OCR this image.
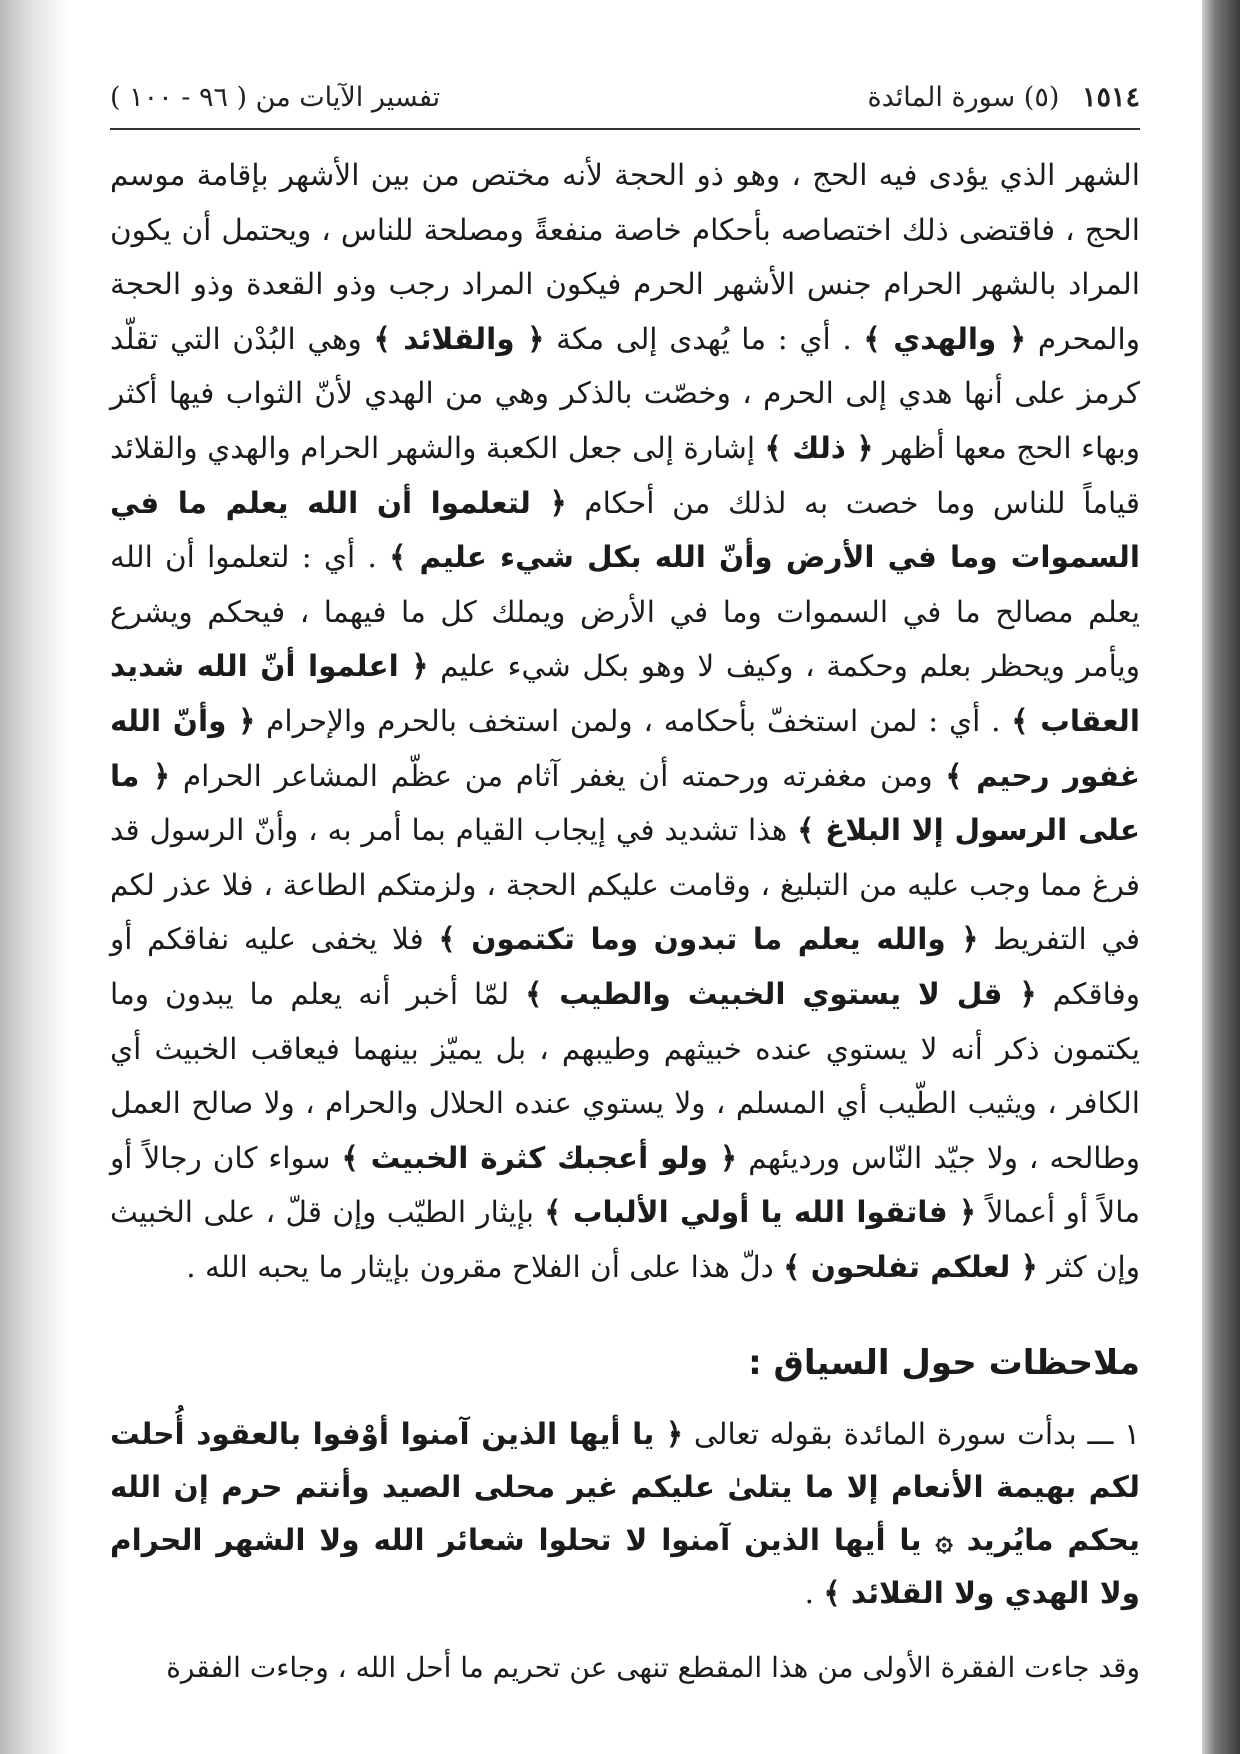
١٥١٤ (٥) سورة المائدة
تفسير الآيات من ( ٩٦ - ١٠٠ )

الشهر الذي يؤدى فيه الحج ، وهو ذو الحجة لأنه مختص من بين الأشهر بإقامة موسم الحج ، فاقتضى ذلك اختصاصه بأحكام خاصة منفعةً ومصلحة للناس ، ويحتمل أن يكون المراد بالشهر الحرام جنس الأشهر الحرم فيكون المراد رجب وذو القعدة وذو الحجة والمحرم ﴿ والهدي ﴾ . أي : ما يُهدى إلى مكة ﴿ والقلائد ﴾ وهي البُدْن التي تقلّد كرمز على أنها هدي إلى الحرم ، وخصّت بالذكر وهي من الهدي لأنّ الثواب فيها أكثر وبهاء الحج معها أظهر ﴿ ذلك ﴾ إشارة إلى جعل الكعبة والشهر الحرام والهدي والقلائد قياماً للناس وما خصت به لذلك من أحكام ﴿ لتعلموا أن الله يعلم ما في السموات وما في الأرض وأنّ الله بكل شيء عليم ﴾ . أي : لتعلموا أن الله يعلم مصالح ما في السموات وما في الأرض ويملك كل ما فيهما ، فيحكم ويشرع ويأمر ويحظر بعلم وحكمة ، وكيف لا وهو بكل شيء عليم ﴿ اعلموا أنّ الله شديد العقاب ﴾ . أي : لمن استخفّ بأحكامه ، ولمن استخف بالحرم والإحرام ﴿ وأنّ الله غفور رحيم ﴾ ومن مغفرته ورحمته أن يغفر آثام من عظّم المشاعر الحرام ﴿ ما على الرسول إلا البلاغ ﴾ هذا تشديد في إيجاب القيام بما أمر به ، وأنّ الرسول قد فرغ مما وجب عليه من التبليغ ، وقامت عليكم الحجة ، ولزمتكم الطاعة ، فلا عذر لكم في التفريط ﴿ والله يعلم ما تبدون وما تكتمون ﴾ فلا يخفى عليه نفاقكم أو وفاقكم ﴿ قل لا يستوي الخبيث والطيب ﴾ لمّا أخبر أنه يعلم ما يبدون وما يكتمون ذكر أنه لا يستوي عنده خبيثهم وطيبهم ، بل يميّز بينهما فيعاقب الخبيث أي الكافر ، ويثيب الطّيب أي المسلم ، ولا يستوي عنده الحلال والحرام ، ولا صالح العمل وطالحه ، ولا جيّد النّاس ورديئهم ﴿ ولو أعجبك كثرة الخبيث ﴾ سواء كان رجالاً أو مالاً أو أعمالاً ﴿ فاتقوا الله يا أولي الألباب ﴾ بإيثار الطيّب وإن قلّ ، على الخبيث وإن كثر ﴿ لعلكم تفلحون ﴾ دلّ هذا على أن الفلاح مقرون بإيثار ما يحبه الله .

ملاحظات حول السياق :

١ ـــ بدأت سورة المائدة بقوله تعالى ﴿ يا أيها الذين آمنوا أوْفوا بالعقود أُحلت لكم بهيمة الأنعام إلا ما يتلىٰ عليكم غير محلى الصيد وأنتم حرم إن الله يحكم مايُريد ۞ يا أيها الذين آمنوا لا تحلوا شعائر الله ولا الشهر الحرام ولا الهدي ولا القلائد ﴾ .

وقد جاءت الفقرة الأولى من هذا المقطع تنهى عن تحريم ما أحل الله ، وجاءت الفقرة
